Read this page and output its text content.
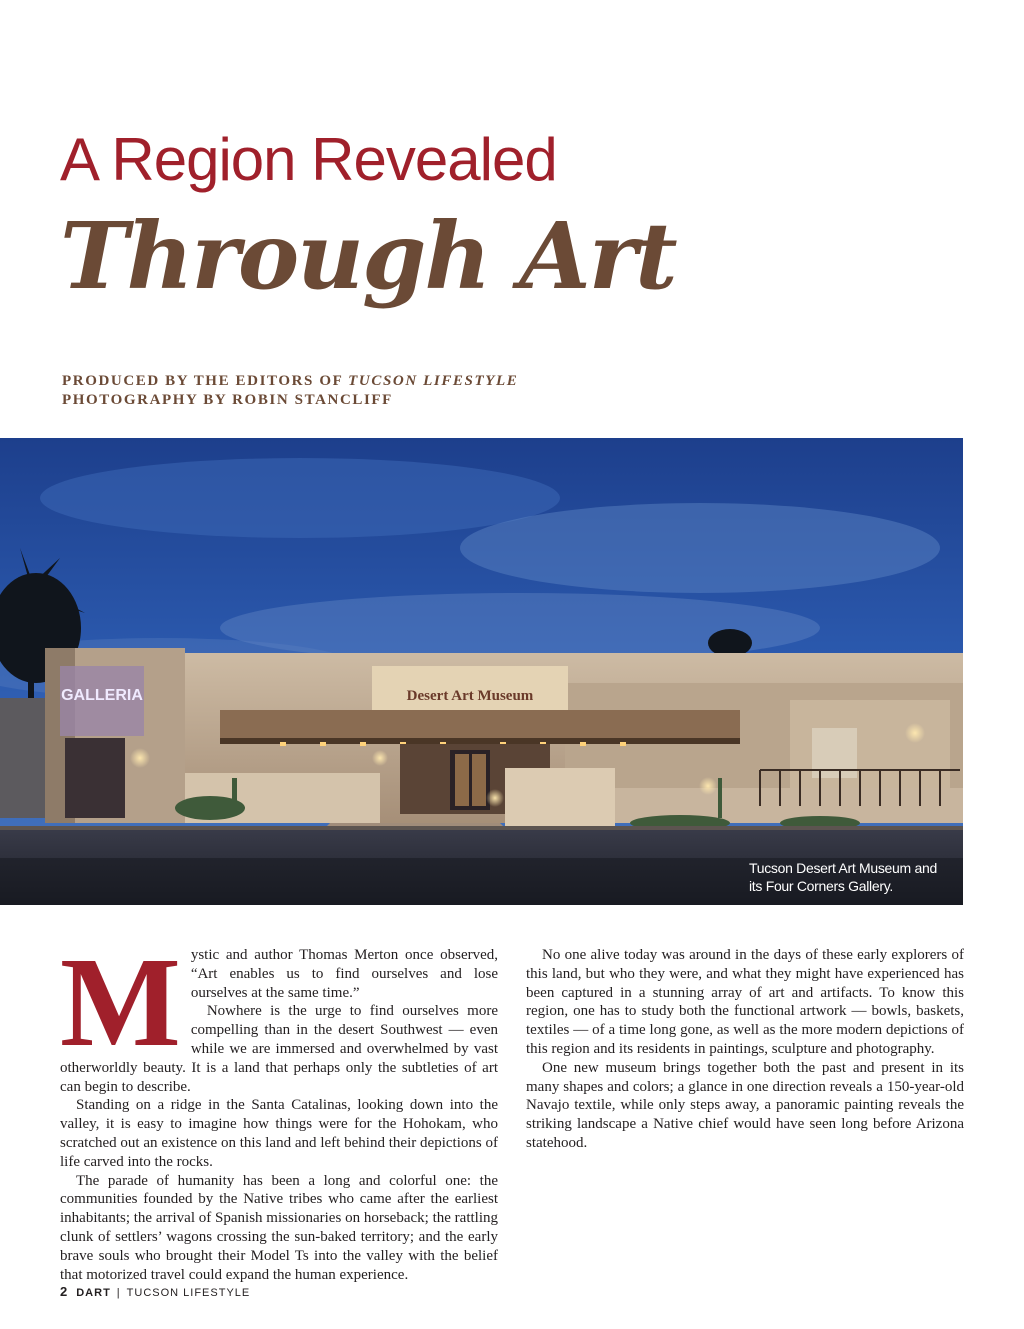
A Region Revealed
Through Art
PRODUCED BY THE EDITORS OF TUCSON LIFESTYLE
PHOTOGRAPHY BY ROBIN STANCLIFF
Desert Art Museum
GALLERIA
Tucson Desert Art Museum and its Four Corners Gallery.

Mystic and author Thomas Merton once observed, “Art enables us to find ourselves and lose ourselves at the same time.”

Nowhere is the urge to find ourselves more compelling than in the desert Southwest — even while we are immersed and overwhelmed by vast otherworldly beauty. It is a land that perhaps only the subtleties of art can begin to describe.

Standing on a ridge in the Santa Catalinas, looking down into the valley, it is easy to imagine how things were for the Hohokam, who scratched out an existence on this land and left behind their depictions of life carved into the rocks.

The parade of humanity has been a long and colorful one: the communities founded by the Native tribes who came after the earliest inhabitants; the arrival of Spanish missionaries on horseback; the rattling clunk of settlers’ wagons crossing the sun-baked territory; and the early brave souls who brought their Model Ts into the valley with the belief that motorized travel could expand the human experience.

No one alive today was around in the days of these early explorers of this land, but who they were, and what they might have experienced has been captured in a stunning array of art and artifacts. To know this region, one has to study both the functional artwork — bowls, baskets, textiles — of a time long gone, as well as the more modern depictions of this region and its residents in paintings, sculpture and photography.

One new museum brings together both the past and present in its many shapes and colors; a glance in one direction reveals a 150-year-old Navajo textile, while only steps away, a panoramic painting reveals the striking landscape a Native chief would have seen long before Arizona statehood.

2 DART | TUCSON LIFESTYLE
